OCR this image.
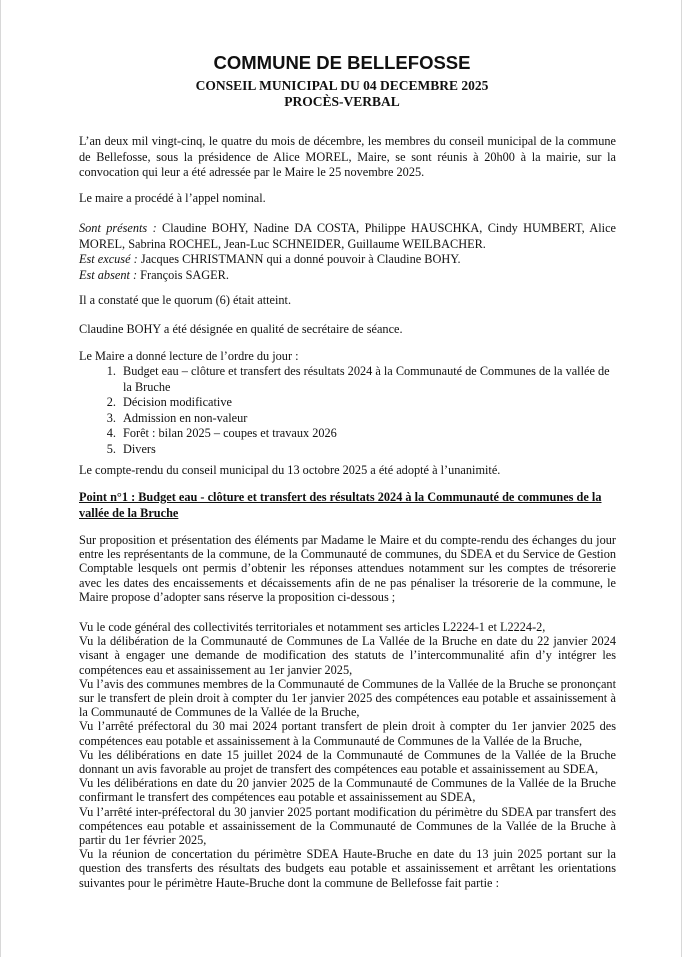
COMMUNE DE BELLEFOSSE
CONSEIL MUNICIPAL DU 04 DECEMBRE 2025
PROCÈS-VERBAL
L’an deux mil vingt-cinq, le quatre du mois de décembre, les membres du conseil municipal de la commune de Bellefosse, sous la présidence de Alice MOREL, Maire, se sont réunis à 20h00 à la mairie, sur la convocation qui leur a été adressée par le Maire le 25 novembre 2025.
Le maire a procédé à l’appel nominal.
Sont présents : Claudine BOHY, Nadine DA COSTA, Philippe HAUSCHKA, Cindy HUMBERT, Alice MOREL, Sabrina ROCHEL, Jean-Luc SCHNEIDER, Guillaume WEILBACHER.
Est excusé : Jacques CHRISTMANN qui a donné pouvoir à Claudine BOHY.
Est absent : François SAGER.
Il a constaté que le quorum (6) était atteint.
Claudine BOHY a été désignée en qualité de secrétaire de séance.
Le Maire a donné lecture de l’ordre du jour :
1. Budget eau – clôture et transfert des résultats 2024 à la Communauté de Communes de la vallée de la Bruche
2. Décision modificative
3. Admission en non-valeur
4. Forêt : bilan 2025 – coupes et travaux 2026
5. Divers
Le compte-rendu du conseil municipal du 13 octobre 2025 a été adopté à l’unanimité.
Point n°1 : Budget eau - clôture et transfert des résultats 2024 à la Communauté de communes de la vallée de la Bruche
Sur proposition et présentation des éléments par Madame le Maire et du compte-rendu des échanges du jour entre les représentants de la commune, de la Communauté de communes, du SDEA et du Service de Gestion Comptable lesquels ont permis d’obtenir les réponses attendues notamment sur les comptes de trésorerie avec les dates des encaissements et décaissements afin de ne pas pénaliser la trésorerie de la commune, le Maire propose d’adopter sans réserve la proposition ci-dessous ;
Vu le code général des collectivités territoriales et notamment ses articles L2224-1 et L2224-2,
Vu la délibération de la Communauté de Communes de La Vallée de la Bruche en date du 22 janvier 2024 visant à engager une demande de modification des statuts de l’intercommunalité afin d’y intégrer les compétences eau et assainissement au 1er janvier 2025,
Vu l’avis des communes membres de la Communauté de Communes de la Vallée de la Bruche se prononçant sur le transfert de plein droit à compter du 1er janvier 2025 des compétences eau potable et assainissement à la Communauté de Communes de la Vallée de la Bruche,
Vu l’arrêté préfectoral du 30 mai 2024 portant transfert de plein droit à compter du 1er janvier 2025 des compétences eau potable et assainissement à la Communauté de Communes de la Vallée de la Bruche,
Vu les délibérations en date 15 juillet 2024 de la Communauté de Communes de la Vallée de la Bruche donnant un avis favorable au projet de transfert des compétences eau potable et assainissement au SDEA,
Vu les délibérations en date du 20 janvier 2025 de la Communauté de Communes de la Vallée de la Bruche confirmant le transfert des compétences eau potable et assainissement au SDEA,
Vu l’arrêté inter-préfectoral du 30 janvier 2025 portant modification du périmètre du SDEA par transfert des compétences eau potable et assainissement de la Communauté de Communes de la Vallée de la Bruche à partir du 1er février 2025,
Vu la réunion de concertation du périmètre SDEA Haute-Bruche en date du 13 juin 2025 portant sur la question des transferts des résultats des budgets eau potable et assainissement et arrêtant les orientations suivantes pour le périmètre Haute-Bruche dont la commune de Bellefosse fait partie :
